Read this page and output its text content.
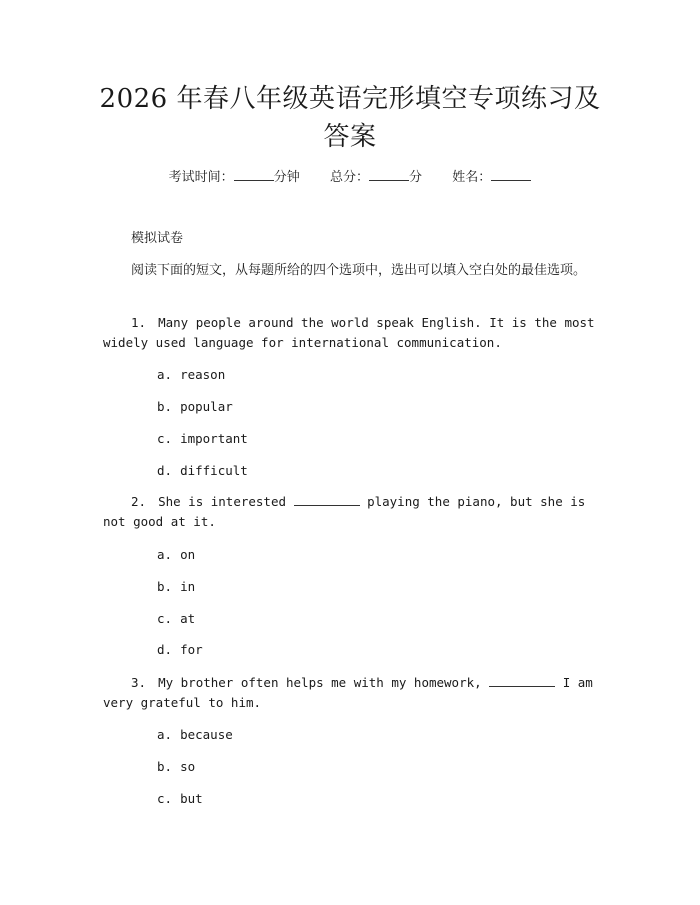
2026 年春八年级英语完形填空专项练习及答案
考试时间：	分钟 总分：	分 姓名：
模拟试卷
阅读下面的短文，从每题所给的四个选项中，选出可以填入空白处的最佳选项。
1. Many people around the world speak English. It is the most widely used language for international communication.
a. reason
b. popular
c. important
d. difficult
2. She is interested	playing the piano, but she is not good at it.
a. on
b. in
c. at
d. for
3. My brother often helps me with my homework,	I am very grateful to him.
a. because
b. so
c. but
